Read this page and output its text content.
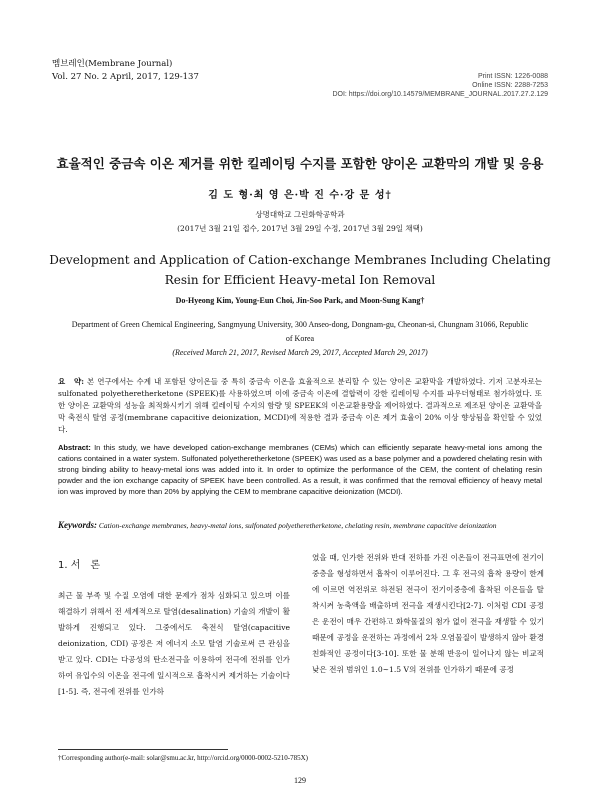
멤브레인(Membrane Journal)
Vol. 27 No. 2 April, 2017, 129-137	Print ISSN: 1226-0088
Online ISSN: 2288-7253
DOI: https://doi.org/10.14579/MEMBRANE_JOURNAL.2017.27.2.129
효율적인 중금속 이온 제거를 위한 킬레이팅 수지를 포함한 양이온 교환막의 개발 및 응용
김 도 형·최 영 은·박 진 수·강 문 성†
상명대학교 그린화학공학과
(2017년 3월 21일 접수, 2017년 3월 29일 수정, 2017년 3월 29일 채택)
Development and Application of Cation-exchange Membranes Including Chelating Resin for Efficient Heavy-metal Ion Removal
Do-Hyeong Kim, Young-Eun Choi, Jin-Soo Park, and Moon-Sung Kang†
Department of Green Chemical Engineering, Sangmyung University, 300 Anseo-dong, Dongnam-gu, Cheonan-si, Chungnam 31066, Republic of Korea
(Received March 21, 2017, Revised March 29, 2017, Accepted March 29, 2017)
요　약: 본 연구에서는 수계 내 포함된 양이온들 중 특히 중금속 이온을 효율적으로 분리할 수 있는 양이온 교환막을 개발하였다. 기저 고분자로는 sulfonated polyetheretherketone (SPEEK)를 사용하였으며 이에 중금속 이온에 결합력이 강한 킬레이팅 수지를 파우더형태로 첨가하였다. 또한 양이온 교환막의 성능을 최적화시키기 위해 킬레이팅 수지의 함량 및 SPEEK의 이온교환용량을 제어하였다. 결과적으로 제조된 양이온 교환막을 막 축전식 탈염 공정(membrane capacitive deionization, MCDI)에 적용한 결과 중금속 이온 제거 효율이 20% 이상 향상됨을 확인할 수 있었다.
Abstract: In this study, we have developed cation-exchange membranes (CEMs) which can efficiently separate heavy-metal ions among the cations contained in a water system. Sulfonated polyetheretherketone (SPEEK) was used as a base polymer and a powdered chelating resin with strong binding ability to heavy-metal ions was added into it. In order to optimize the performance of the CEM, the content of chelating resin powder and the ion exchange capacity of SPEEK have been controlled. As a result, it was confirmed that the removal efficiency of heavy metal ion was improved by more than 20% by applying the CEM to membrane capacitive deionization (MCDI).
Keywords: Cation-exchange membranes, heavy-metal ions, sulfonated polyetheretherketone, chelating resin, membrane capacitive deionization
1. 서　론
최근 물 부족 및 수질 오염에 대한 문제가 점차 심화되고 있으며 이를 해결하기 위해서 전 세계적으로 탈염(desalination) 기술의 개발이 활발하게 진행되고 있다. 그중에서도 축전식 탈염(capacitive deionization, CDI) 공정은 저 에너지 소모 탈염 기술로써 큰 관심을 받고 있다. CDI는 다공성의 탄소전극을 이용하여 전극에 전위를 인가하여 유입수의 이온을 전극에 일시적으로 흡착시켜 제거하는 기술이다[1-5]. 즉, 전극에 전위를 인가하
였을 때, 인가한 전위와 반대 전하를 가진 이온들이 전극표면에 전기이중층을 형성하면서 흡착이 이루어진다. 그 후 전극의 흡착 용량이 한계에 이르면 역전위로 하전된 전극이 전기이중층에 흡착된 이온들을 탈착시켜 농축액을 배출하며 전극을 재생시킨다[2-7]. 이처럼 CDI 공정은 운전이 매우 간편하고 화학물질의 첨가 없이 전극을 재생할 수 있기 때문에 공정을 운전하는 과정에서 2차 오염물질이 발생하지 않아 환경 친화적인 공정이다[3-10]. 또한 물 분해 반응이 일어나지 않는 비교적 낮은 전위 범위인 1.0~1.5 V의 전위를 인가하기 때문에 공정
†Corresponding author(e-mail: solar@smu.ac.kr, http://orcid.org/0000-0002-5210-785X)
129
